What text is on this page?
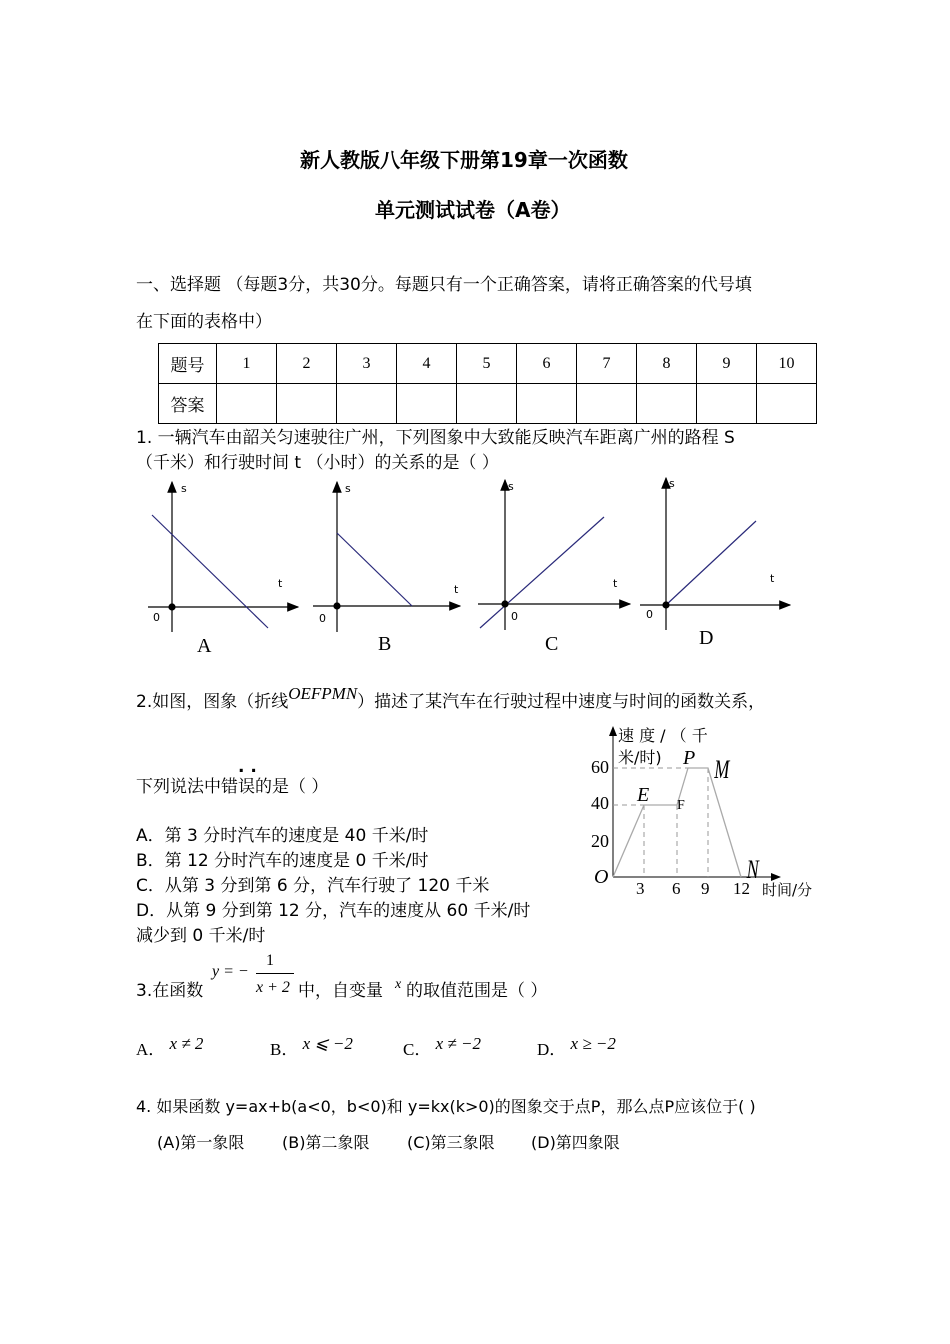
新人教版八年级下册第19章一次函数
单元测试试卷（A卷）
一、选择题 （每题3分，共30分。每题只有一个正确答案，请将正确答案的代号填
在下面的表格中）
题号	1	2	3	4	5	6	7	8	9	10
答案										
1. 一辆汽车由韶关匀速驶往广州，下列图象中大致能反映汽车距离广州的路程 S
（千米）和行驶时间 t （小时）的关系的是（ ）
s
t
0
A
s
t
0
B
s
t
0
C
s
t
0
D
2.如图，图象（折线OEFPMN）描述了某汽车在行驶过程中速度与时间的函数关系，
. .
下列说法中错误的是（ ）
A．第 3 分时汽车的速度是 40 千米/时
B．第 12 分时汽车的速度是 0 千米/时
C．从第 3 分到第 6 分，汽车行驶了 120 千米
D．从第 9 分到第 12 分，汽车的速度从 60 千米/时
减少到 0 千米/时
速 度 / （ 千
米/时)
60
40
20
3 6 9 12 时间/分
O
E F
P M
N
3.在函数
y = −
1
x + 2 中，自变量 x 的取值范围是（ ）
A． x ≠ 2	B． x ⩽ −2	C． x ≠ −2	D． x ≥ −2
4. 如果函数 y=ax+b(a<0，b<0)和 y=kx(k>0)的图象交于点P，那么点P应该位于( )
(A)第一象限 (B)第二象限 (C)第三象限 (D)第四象限
